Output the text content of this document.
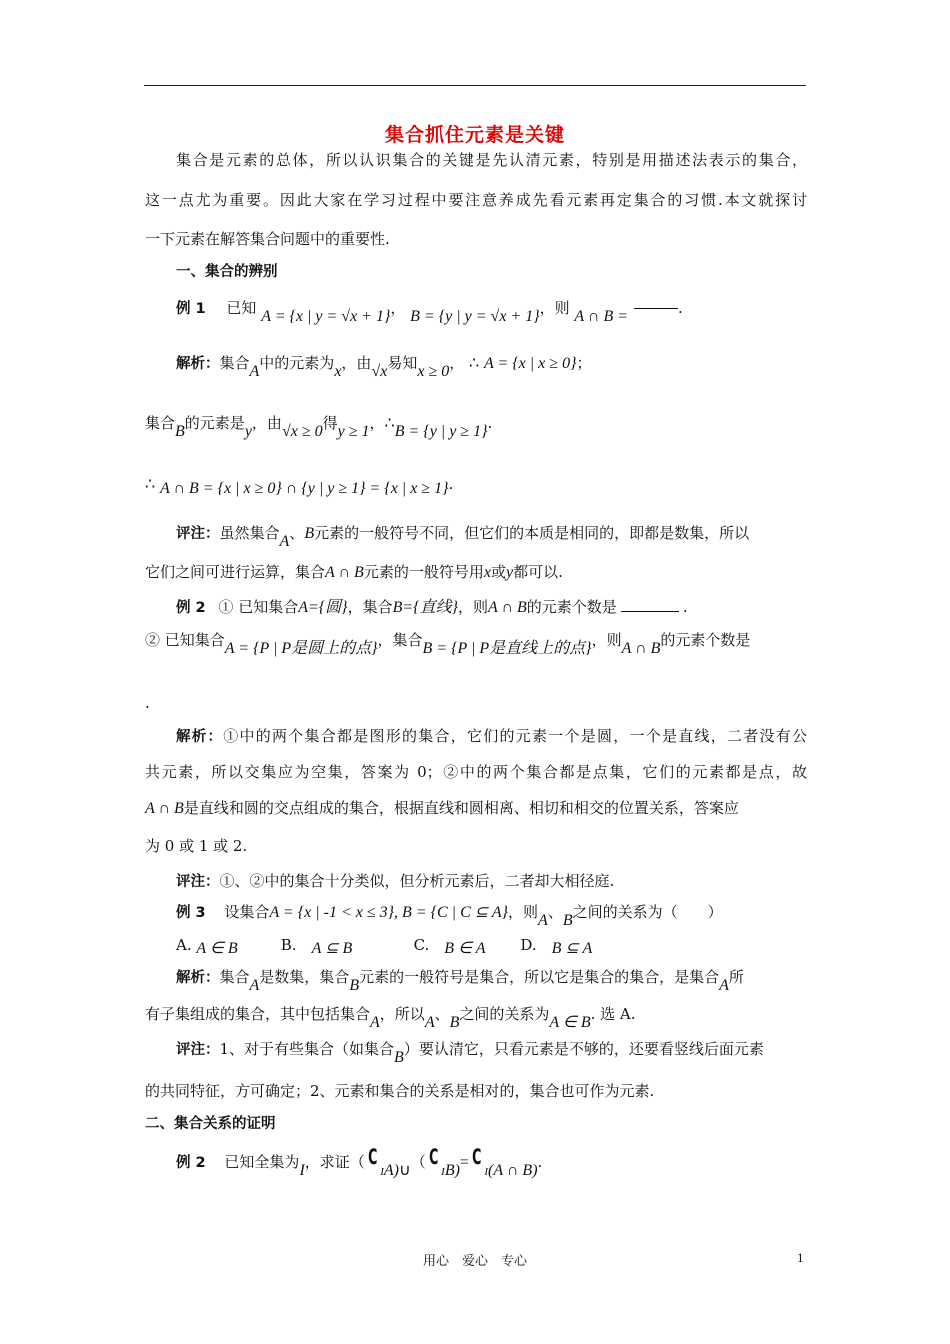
集合抓住元素是关键
集合是元素的总体，所以认识集合的关键是先认清元素，特别是用描述法表示的集合，
这一点尤为重要。因此大家在学习过程中要注意养成先看元素再定集合的习惯.本文就探讨
一下元素在解答集合问题中的重要性.
一、集合的辨别
例 1 已知 A = {x | y = √x + 1}， B = {y | y = √x + 1}，则 A ∩ B =	.
解析：集合A中的元素为x，由√x易知x ≥ 0， ∴ A = {x | x ≥ 0}；
集合B的元素是y，由√x ≥ 0得y ≥ 1，∴B = {y | y ≥ 1}.
∴ A ∩ B = {x | x ≥ 0} ∩ {y | y ≥ 1} = {x | x ≥ 1}.
评注：虽然集合A、B元素的一般符号不同，但它们的本质是相同的，即都是数集，所以
它们之间可进行运算，集合A ∩ B元素的一般符号用x或y都可以.
例 2 ① 已知集合A={圆}，集合B={直线}，则A ∩ B的元素个数是	.
② 已知集合A = {P | P是圆上的点}，集合B = {P | P是直线上的点}，则A ∩ B的元素个数是
.
解析：①中的两个集合都是图形的集合，它们的元素一个是圆，一个是直线，二者没有公
共元素，所以交集应为空集，答案为 0；②中的两个集合都是点集，它们的元素都是点，故
A ∩ B是直线和圆的交点组成的集合，根据直线和圆相离、相切和相交的位置关系，答案应
为 0 或 1 或 2.
评注：①、②中的集合十分类似，但分析元素后，二者却大相径庭.
例 3 设集合A = {x | -1 < x ≤ 3}, B = {C | C ⊆ A}，则A、B之间的关系为（　　）
A. A ∈ B	B.　 A ⊆ B	C.　 B ∈ A D.　 B ⊆ A
解析：集合A是数集，集合B元素的一般符号是集合，所以它是集合的集合，是集合A所
有子集组成的集合，其中包括集合A，所以A、B之间的关系为A ∈ B. 选 A.
评注：1、对于有些集合（如集合B）要认清它，只看元素是不够的，还要看竖线后面元素
的共同特征，方可确定；2、元素和集合的关系是相对的，集合也可作为元素.
二、集合关系的证明
例 2 已知全集为I，求证（ $C_IA)\cup$（ $C_IB)= C_I(A$ ∩ B).
用心　爱心　专心	1
